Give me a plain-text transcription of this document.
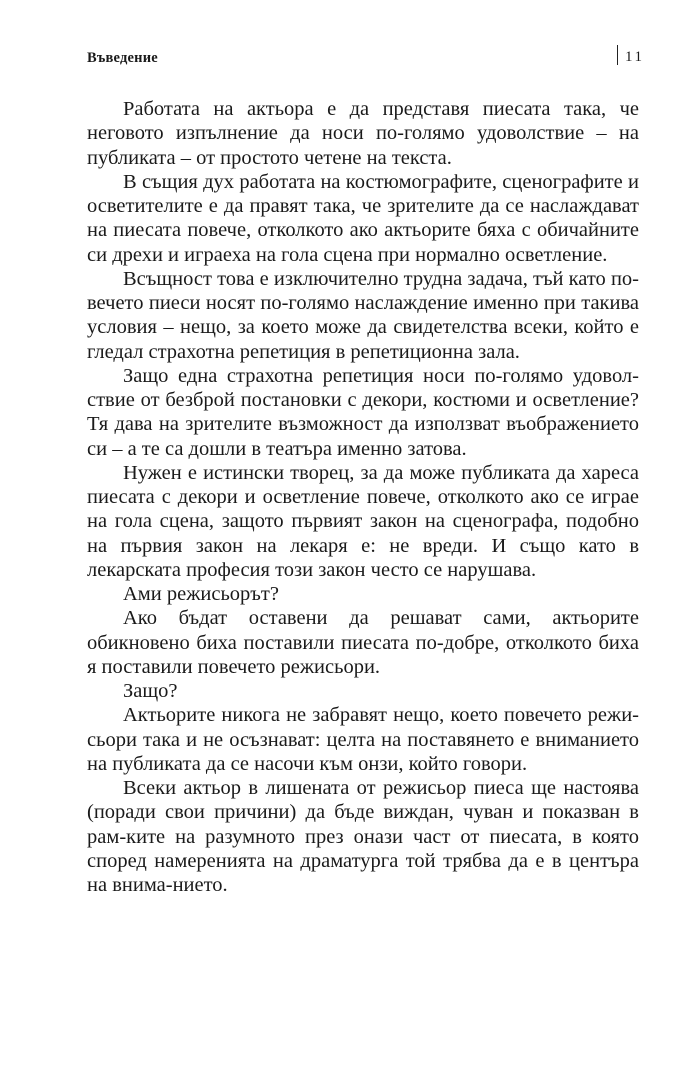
Въведение	11

Работата на актьора е да представя пиесата така, че неговото изпълнение да носи по-голямо удоволствие – на публиката – от простото четене на текста.

В същия дух работата на костюмографите, сценографите и осветителите е да правят така, че зрителите да се наслаждават на пиесата повече, отколкото ако актьорите бяха с обичайните си дрехи и играеха на гола сцена при нормално осветление.

Всъщност това е изключително трудна задача, тъй като по-вечето пиеси носят по-голямо наслаждение именно при такива условия – нещо, за което може да свидетелства всеки, който е гледал страхотна репетиция в репетиционна зала.

Защо една страхотна репетиция носи по-голямо удовол-ствие от безброй постановки с декори, костюми и осветление? Тя дава на зрителите възможност да използват въображението си – а те са дошли в театъра именно затова.

Нужен е истински творец, за да може публиката да хареса пиесата с декори и осветление повече, отколкото ако се играе на гола сцена, защото първият закон на сценографа, подобно на първия закон на лекаря е: не вреди. И също като в лекарската професия този закон често се нарушава.

Ами режисьорът?

Ако бъдат оставени да решават сами, актьорите обикновено биха поставили пиесата по-добре, отколкото биха я поставили повечето режисьори.

Защо?

Актьорите никога не забравят нещо, което повечето режи-сьори така и не осъзнават: целта на поставянето е вниманието на публиката да се насочи към онзи, който говори.

Всеки актьор в лишената от режисьор пиеса ще настоява (поради свои причини) да бъде виждан, чуван и показван в рам-ките на разумното през онази част от пиесата, в която според намеренията на драматурга той трябва да е в центъра на внима-нието.
